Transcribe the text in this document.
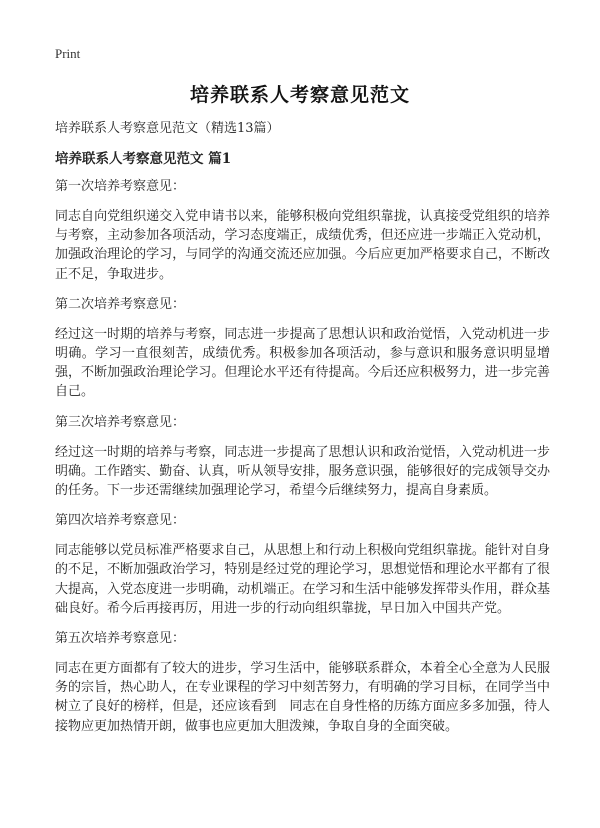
Print
培养联系人考察意见范文
培养联系人考察意见范文（精选13篇）
培养联系人考察意见范文 篇1
第一次培养考察意见：
同志自向党组织递交入党申请书以来，能够积极向党组织靠拢，认真接受党组织的培养与考察，主动参加各项活动，学习态度端正，成绩优秀，但还应进一步端正入党动机，加强政治理论的学习，与同学的沟通交流还应加强。今后应更加严格要求自己，不断改正不足，争取进步。
第二次培养考察意见：
经过这一时期的培养与考察，同志进一步提高了思想认识和政治觉悟，入党动机进一步明确。学习一直很刻苦，成绩优秀。积极参加各项活动，参与意识和服务意识明显增强，不断加强政治理论学习。但理论水平还有待提高。今后还应积极努力，进一步完善自己。
第三次培养考察意见：
经过这一时期的培养与考察，同志进一步提高了思想认识和政治觉悟，入党动机进一步明确。工作踏实、勤奋、认真，听从领导安排，服务意识强，能够很好的完成领导交办的任务。下一步还需继续加强理论学习，希望今后继续努力，提高自身素质。
第四次培养考察意见：
同志能够以党员标准严格要求自己，从思想上和行动上积极向党组织靠拢。能针对自身的不足，不断加强政治学习，特别是经过党的理论学习，思想觉悟和理论水平都有了很大提高，入党态度进一步明确，动机端正。在学习和生活中能够发挥带头作用，群众基础良好。希今后再接再厉，用进一步的行动向组织靠拢，早日加入中国共产党。
第五次培养考察意见：
同志在更方面都有了较大的进步，学习生活中，能够联系群众，本着全心全意为人民服务的宗旨，热心助人，在专业课程的学习中刻苦努力，有明确的学习目标，在同学当中树立了良好的榜样，但是，还应该看到　同志在自身性格的历练方面应多多加强，待人接物应更加热情开朗，做事也应更加大胆泼辣，争取自身的全面突破。
